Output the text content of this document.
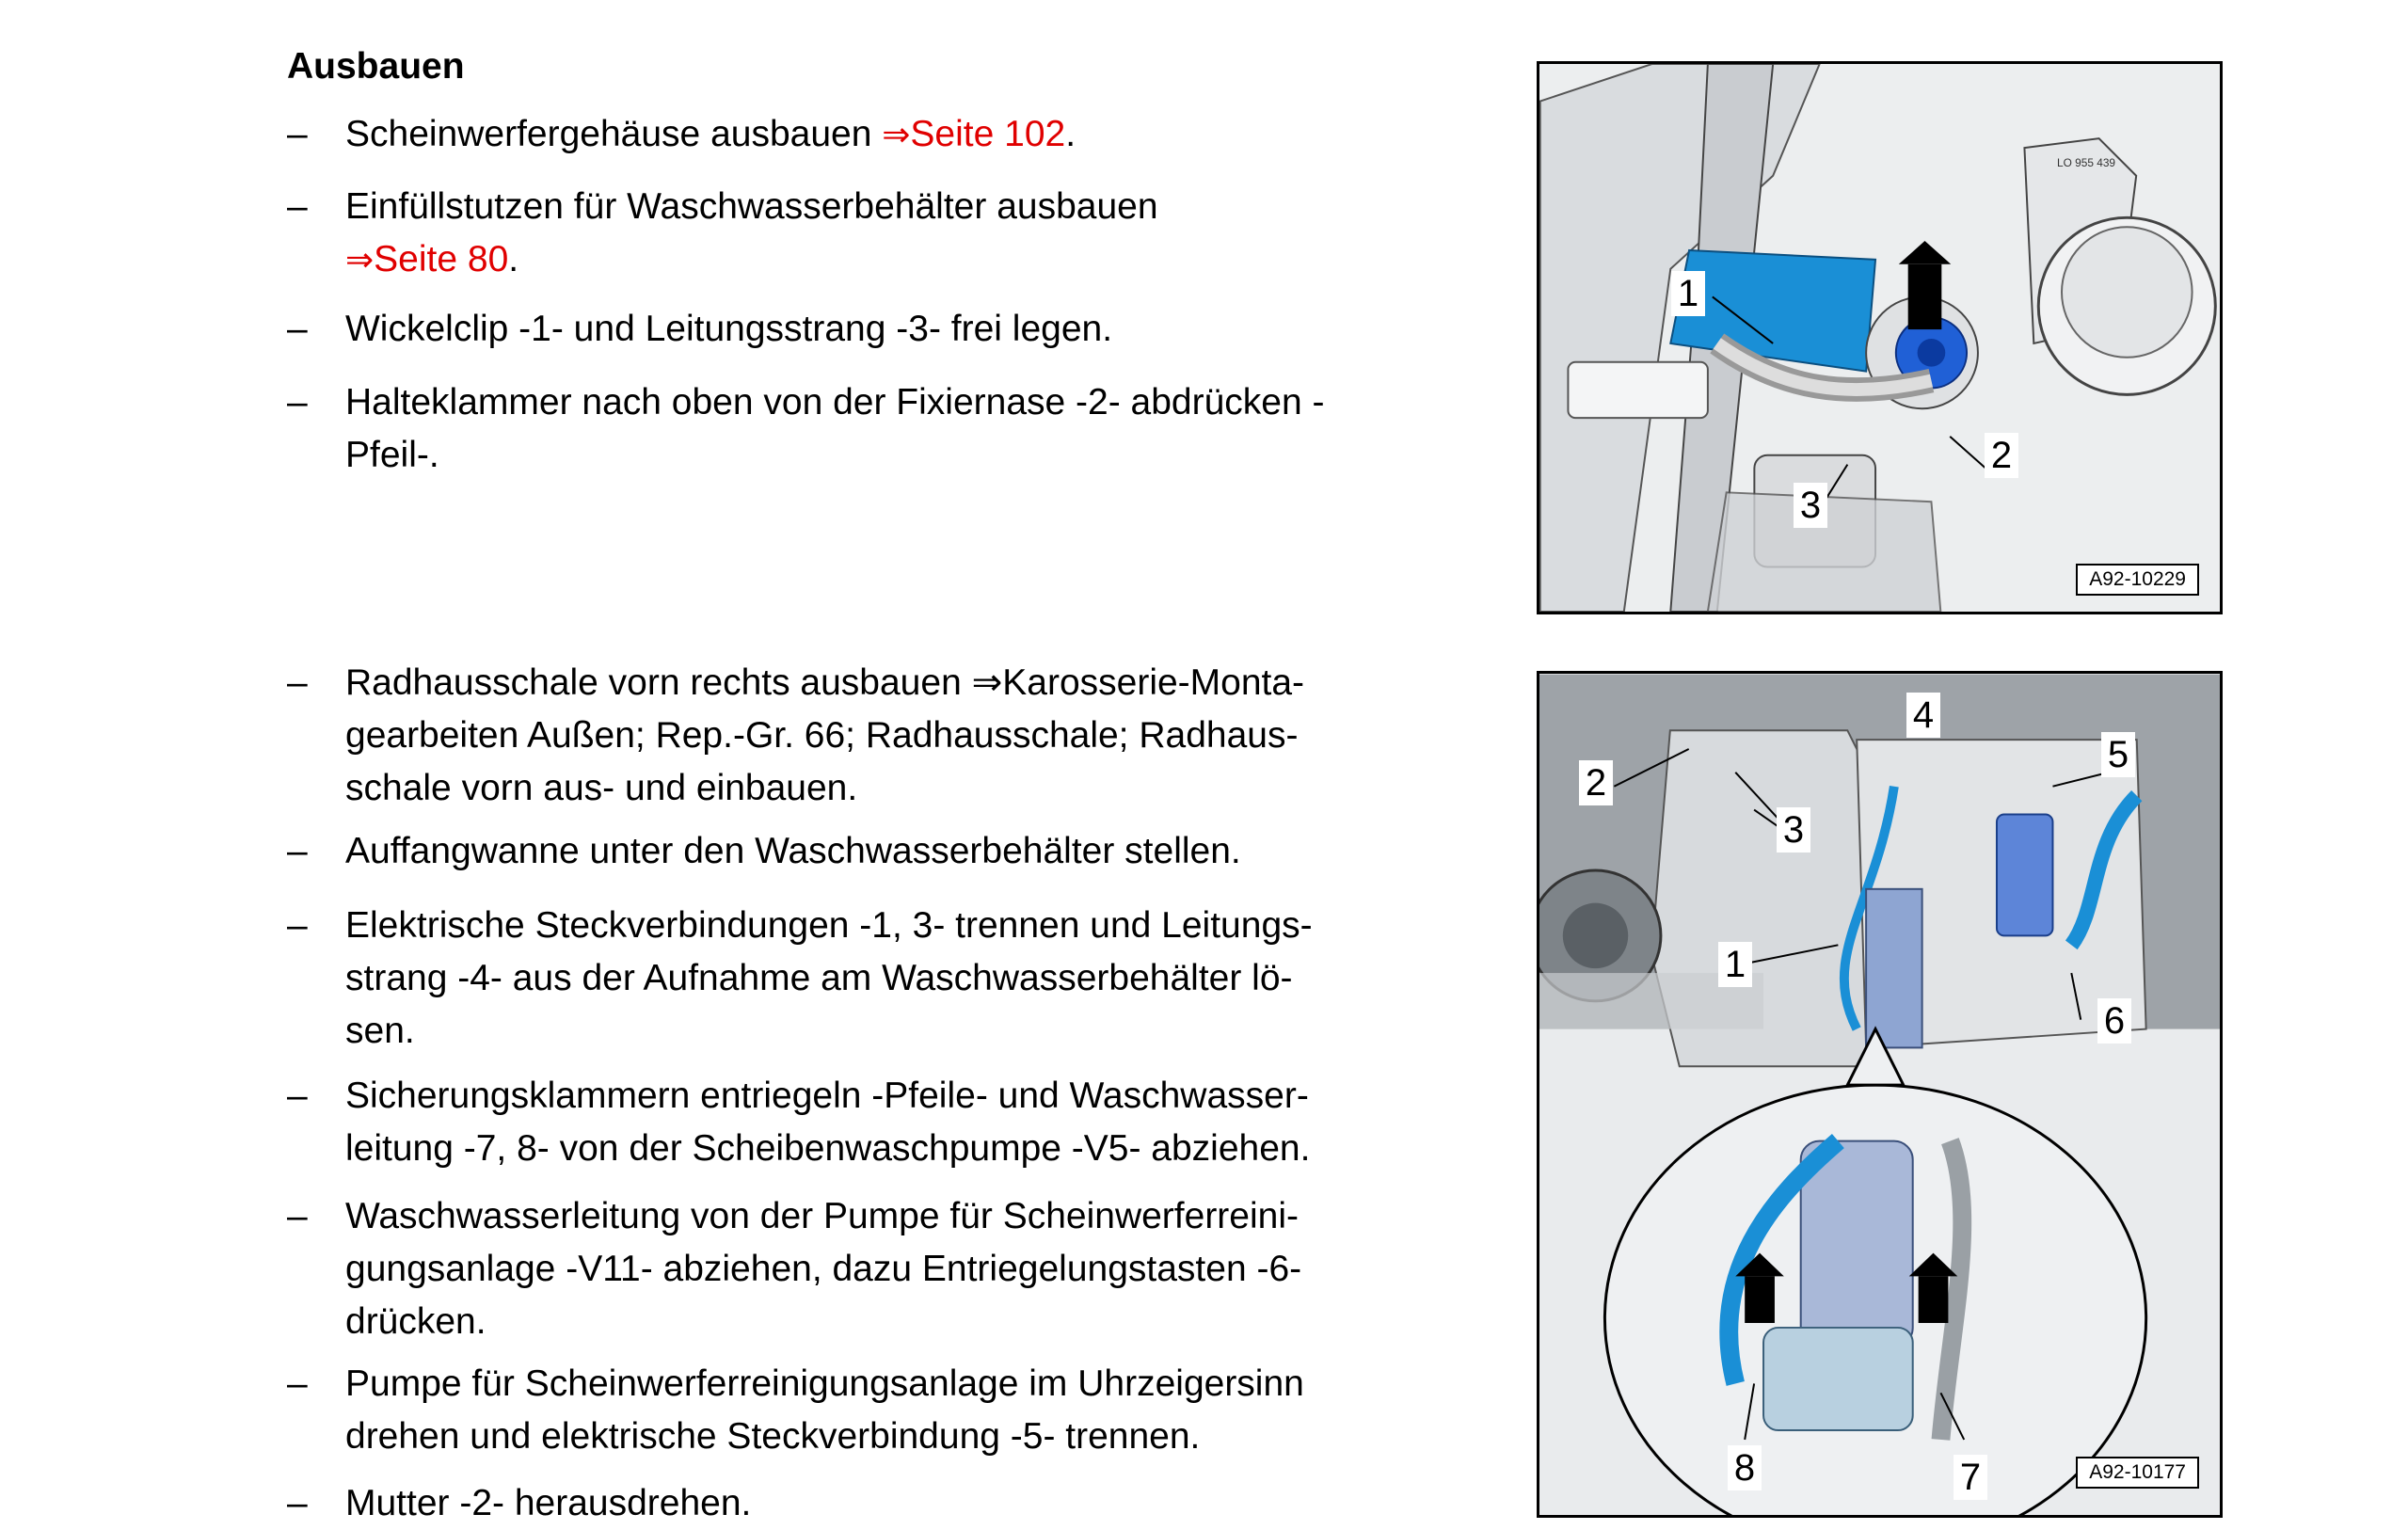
Ausbauen
– Scheinwerfergehäuse ausbauen ⇒Seite 102.
– Einfüllstutzen für Waschwasserbehälter ausbauen
⇒Seite 80.
– Wickelclip -1- und Leitungsstrang -3- frei legen.
– Halteklammer nach oben von der Fixiernase -2- abdrücken -
Pfeil-.
– Radhausschale vorn rechts ausbauen ⇒Karosserie-Monta-
gearbeiten Außen; Rep.-Gr. 66; Radhausschale; Radhaus-
schale vorn aus- und einbauen.
– Auffangwanne unter den Waschwasserbehälter stellen.
– Elektrische Steckverbindungen -1, 3- trennen und Leitungs-
strang -4- aus der Aufnahme am Waschwasserbehälter lö-
sen.
– Sicherungsklammern entriegeln -Pfeile- und Waschwasser-
leitung -7, 8- von der Scheibenwaschpumpe -V5- abziehen.
– Waschwasserleitung von der Pumpe für Scheinwerferreini-
gungsanlage -V11- abziehen, dazu Entriegelungstasten -6-
drücken.
– Pumpe für Scheinwerferreinigungsanlage im Uhrzeigersinn
drehen und elektrische Steckverbindung -5- trennen.
– Mutter -2- herausdrehen.
LO 955 439
1
2
3
A92-10229
1
2
3
4
5
6
7
8	A92-10177
